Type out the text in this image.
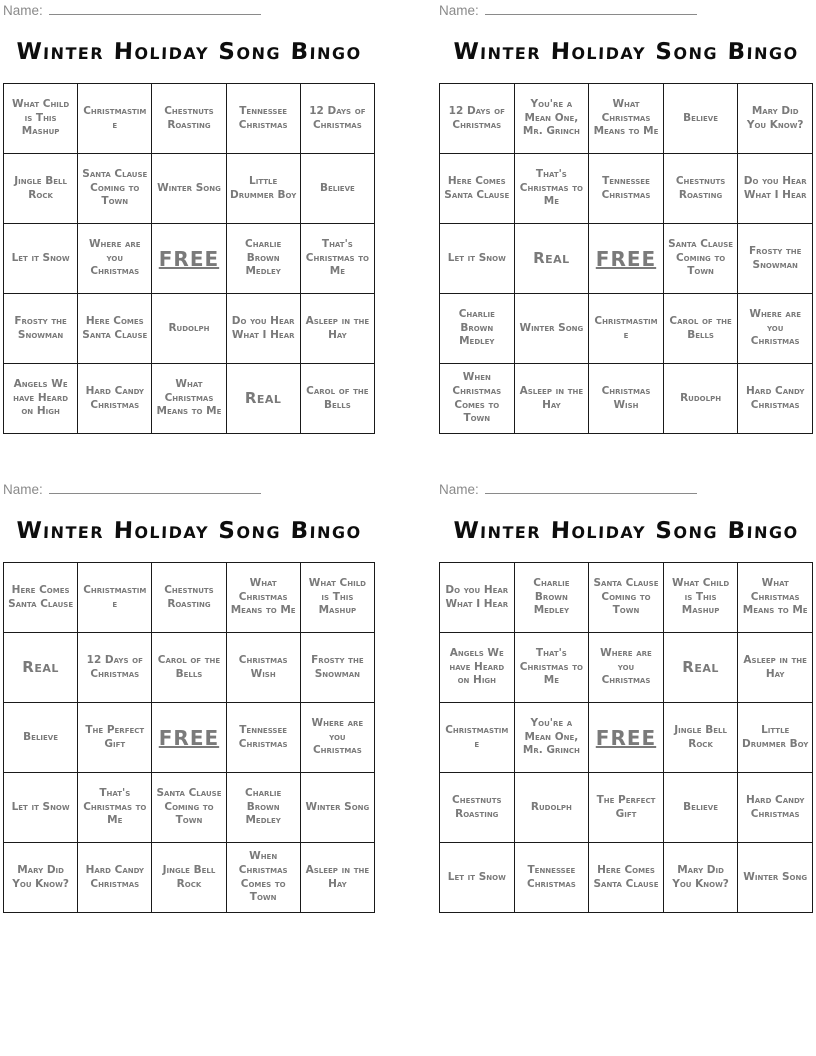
Name:
Winter Holiday Song Bingo
What Child is This Mashup	Christmastime	Chestnuts Roasting	Tennessee Christmas	12 Days of Christmas
Jingle Bell Rock	Santa Clause Coming to Town	Winter Song	Little Drummer Boy	Believe
Let it Snow	Where are you Christmas	FREE	Charlie Brown Medley	That's Christmas to Me
Frosty the Snowman	Here Comes Santa Clause	Rudolph	Do you Hear What I Hear	Asleep in the Hay
Angels We have Heard on High	Hard Candy Christmas	What Christmas Means to Me	Real	Carol of the Bells
Name:
Winter Holiday Song Bingo
12 Days of Christmas	You're a Mean One, Mr. Grinch	What Christmas Means to Me	Believe	Mary Did You Know?
Here Comes Santa Clause	That's Christmas to Me	Tennessee Christmas	Chestnuts Roasting	Do you Hear What I Hear
Let it Snow	Real	FREE	Santa Clause Coming to Town	Frosty the Snowman
Charlie Brown Medley	Winter Song	Christmastime	Carol of the Bells	Where are you Christmas
When Christmas Comes to Town	Asleep in the Hay	Christmas Wish	Rudolph	Hard Candy Christmas
Name:
Winter Holiday Song Bingo
Here Comes Santa Clause	Christmastime	Chestnuts Roasting	What Christmas Means to Me	What Child is This Mashup
Real	12 Days of Christmas	Carol of the Bells	Christmas Wish	Frosty the Snowman
Believe	The Perfect Gift	FREE	Tennessee Christmas	Where are you Christmas
Let it Snow	That's Christmas to Me	Santa Clause Coming to Town	Charlie Brown Medley	Winter Song
Mary Did You Know?	Hard Candy Christmas	Jingle Bell Rock	When Christmas Comes to Town	Asleep in the Hay
Name:
Winter Holiday Song Bingo
Do you Hear What I Hear	Charlie Brown Medley	Santa Clause Coming to Town	What Child is This Mashup	What Christmas Means to Me
Angels We have Heard on High	That's Christmas to Me	Where are you Christmas	Real	Asleep in the Hay
Christmastime	You're a Mean One, Mr. Grinch	FREE	Jingle Bell Rock	Little Drummer Boy
Chestnuts Roasting	Rudolph	The Perfect Gift	Believe	Hard Candy Christmas
Let it Snow	Tennessee Christmas	Here Comes Santa Clause	Mary Did You Know?	Winter Song
